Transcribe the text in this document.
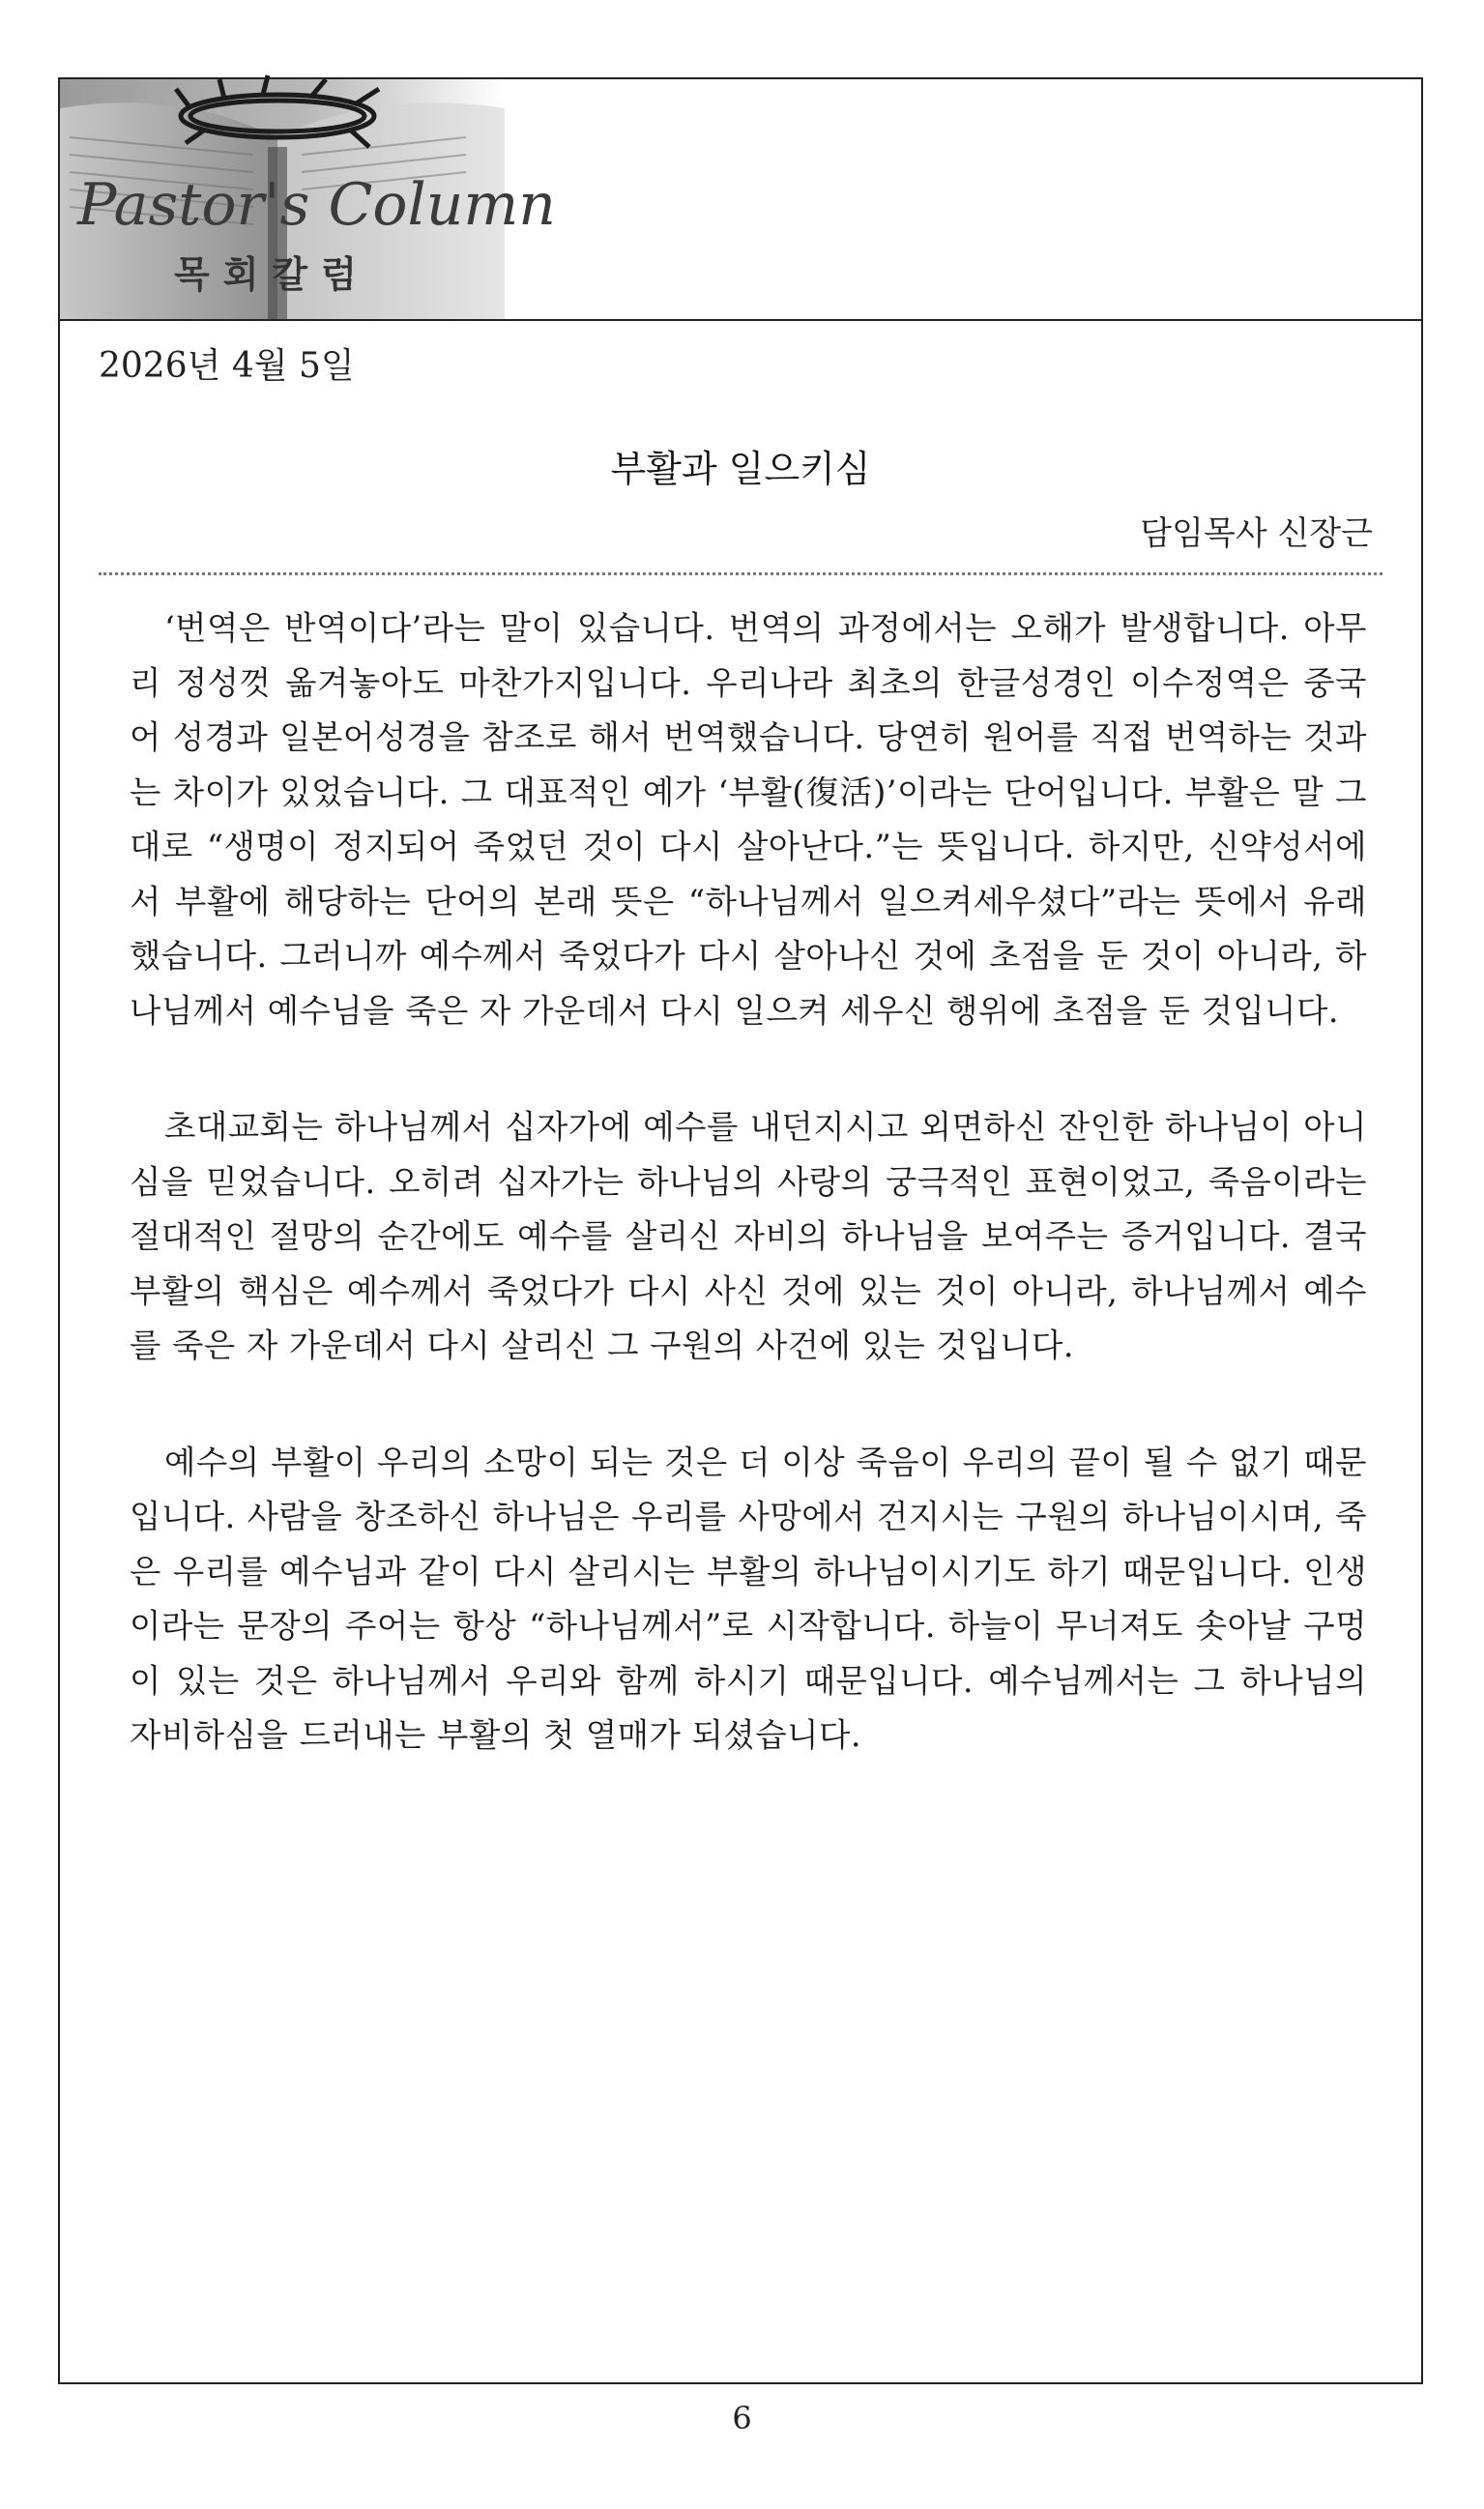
Pastor's Column
목회칼럼
2026년 4월 5일
부활과 일으키심
담임목사 신장근

‘번역은 반역이다’라는 말이 있습니다. 번역의 과정에서는 오해가 발생합니다. 아무리 정성껏 옮겨놓아도 마찬가지입니다. 우리나라 최초의 한글성경인 이수정역은 중국어 성경과 일본어성경을 참조로 해서 번역했습니다. 당연히 원어를 직접 번역하는 것과는 차이가 있었습니다. 그 대표적인 예가 ‘부활(復活)’이라는 단어입니다. 부활은 말 그대로 “생명이 정지되어 죽었던 것이 다시 살아난다.”는 뜻입니다. 하지만, 신약성서에서 부활에 해당하는 단어의 본래 뜻은 “하나님께서 일으켜세우셨다”라는 뜻에서 유래했습니다. 그러니까 예수께서 죽었다가 다시 살아나신 것에 초점을 둔 것이 아니라, 하나님께서 예수님을 죽은 자 가운데서 다시 일으켜 세우신 행위에 초점을 둔 것입니다.

초대교회는 하나님께서 십자가에 예수를 내던지시고 외면하신 잔인한 하나님이 아니심을 믿었습니다. 오히려 십자가는 하나님의 사랑의 궁극적인 표현이었고, 죽음이라는 절대적인 절망의 순간에도 예수를 살리신 자비의 하나님을 보여주는 증거입니다. 결국 부활의 핵심은 예수께서 죽었다가 다시 사신 것에 있는 것이 아니라, 하나님께서 예수를 죽은 자 가운데서 다시 살리신 그 구원의 사건에 있는 것입니다.

예수의 부활이 우리의 소망이 되는 것은 더 이상 죽음이 우리의 끝이 될 수 없기 때문입니다. 사람을 창조하신 하나님은 우리를 사망에서 건지시는 구원의 하나님이시며, 죽은 우리를 예수님과 같이 다시 살리시는 부활의 하나님이시기도 하기 때문입니다. 인생이라는 문장의 주어는 항상 “하나님께서”로 시작합니다. 하늘이 무너져도 솟아날 구멍이 있는 것은 하나님께서 우리와 함께 하시기 때문입니다. 예수님께서는 그 하나님의 자비하심을 드러내는 부활의 첫 열매가 되셨습니다.

6
